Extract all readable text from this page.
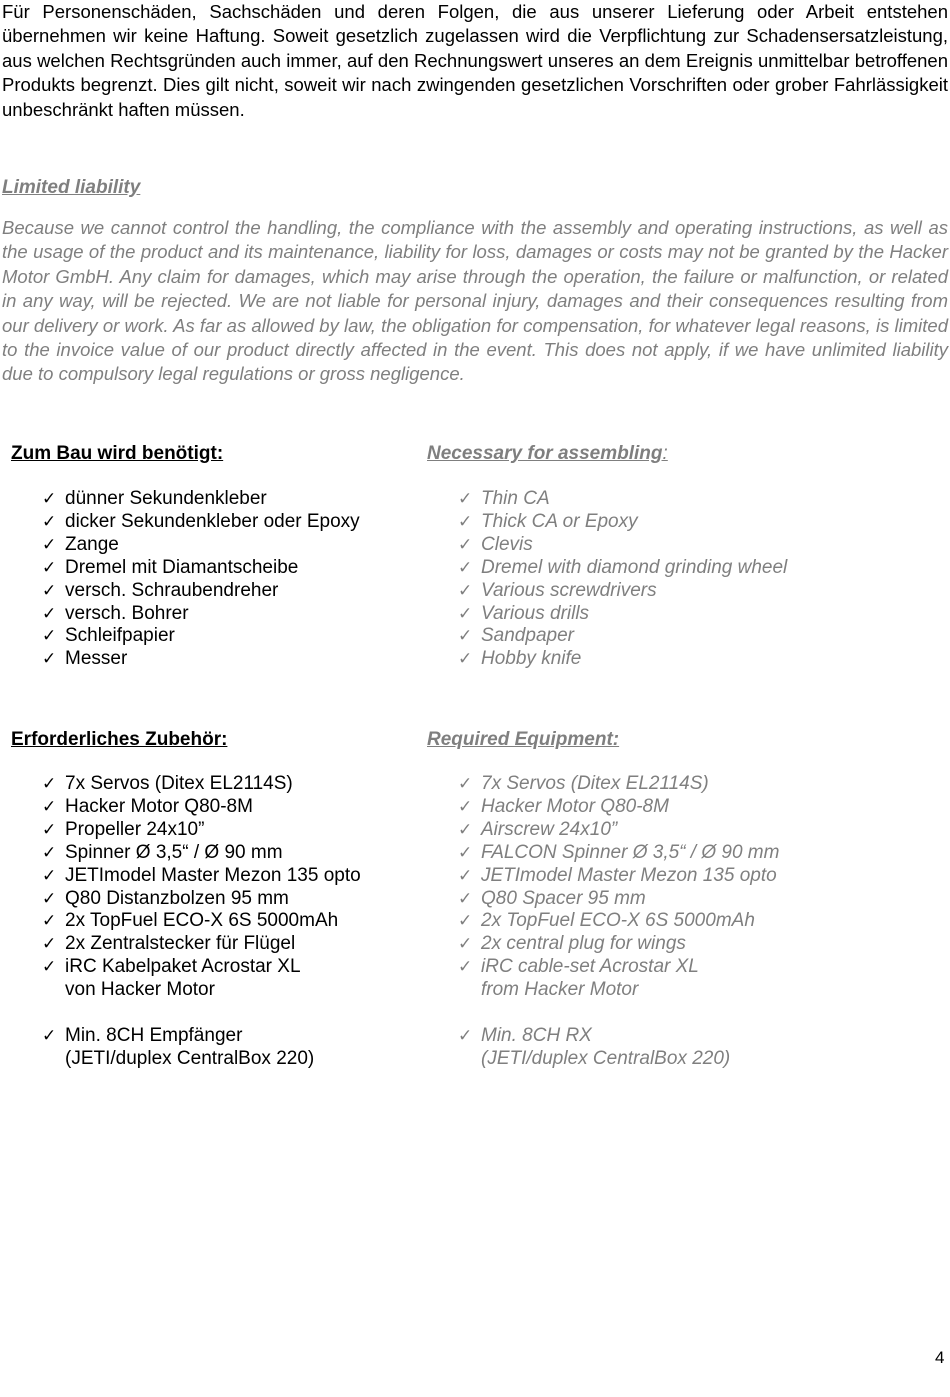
Für Personenschäden, Sachschäden und deren Folgen, die aus unserer Lieferung oder Arbeit entstehen übernehmen wir keine Haftung. Soweit gesetzlich zugelassen wird die Verpflichtung zur Schadensersatzleistung, aus welchen Rechtsgründen auch immer, auf den Rechnungswert unseres an dem Ereignis unmittelbar betroffenen Produkts begrenzt. Dies gilt nicht, soweit wir nach zwingenden gesetzlichen Vorschriften oder grober Fahrlässigkeit unbeschränkt haften müssen.

Limited liability

Because we cannot control the handling, the compliance with the assembly and operating instructions, as well as the usage of the product and its maintenance, liability for loss, damages or costs may not be granted by the Hacker Motor GmbH. Any claim for damages, which may arise through the operation, the failure or malfunction, or related in any way, will be rejected. We are not liable for personal injury, damages and their consequences resulting from our delivery or work. As far as allowed by law, the obligation for compensation, for whatever legal reasons, is limited to the invoice value of our product directly affected in the event. This does not apply, if we have unlimited liability due to compulsory legal regulations or gross negligence.

Zum Bau wird benötigt:	Necessary for assembling:

✓ dünner Sekundenkleber
✓ dicker Sekundenkleber oder Epoxy
✓ Zange
✓ Dremel mit Diamantscheibe
✓ versch. Schraubendreher
✓ versch. Bohrer
✓ Schleifpapier
✓ Messer
✓ Thin CA
✓ Thick CA or Epoxy
✓ Clevis
✓ Dremel with diamond grinding wheel
✓ Various screwdrivers
✓ Various drills
✓ Sandpaper
✓ Hobby knife

Erforderliches Zubehör:	Required Equipment:

✓ 7x Servos (Ditex EL2114S)
✓ Hacker Motor Q80-8M
✓ Propeller 24x10”
✓ Spinner Ø 3,5“ / Ø 90 mm
✓ JETImodel Master Mezon 135 opto
✓ Q80 Distanzbolzen 95 mm
✓ 2x TopFuel ECO-X 6S 5000mAh
✓ 2x Zentralstecker für Flügel
✓ iRC Kabelpaket Acrostar XL
von Hacker Motor
✓ Min. 8CH Empfänger
(JETI/duplex CentralBox 220)
✓ 7x Servos (Ditex EL2114S)
✓ Hacker Motor Q80-8M
✓ Airscrew 24x10”
✓ FALCON Spinner Ø 3,5“ / Ø 90 mm
✓ JETImodel Master Mezon 135 opto
✓ Q80 Spacer 95 mm
✓ 2x TopFuel ECO-X 6S 5000mAh
✓ 2x central plug for wings
✓ iRC cable-set Acrostar XL
from Hacker Motor
✓ Min. 8CH RX
(JETI/duplex CentralBox 220)
4
